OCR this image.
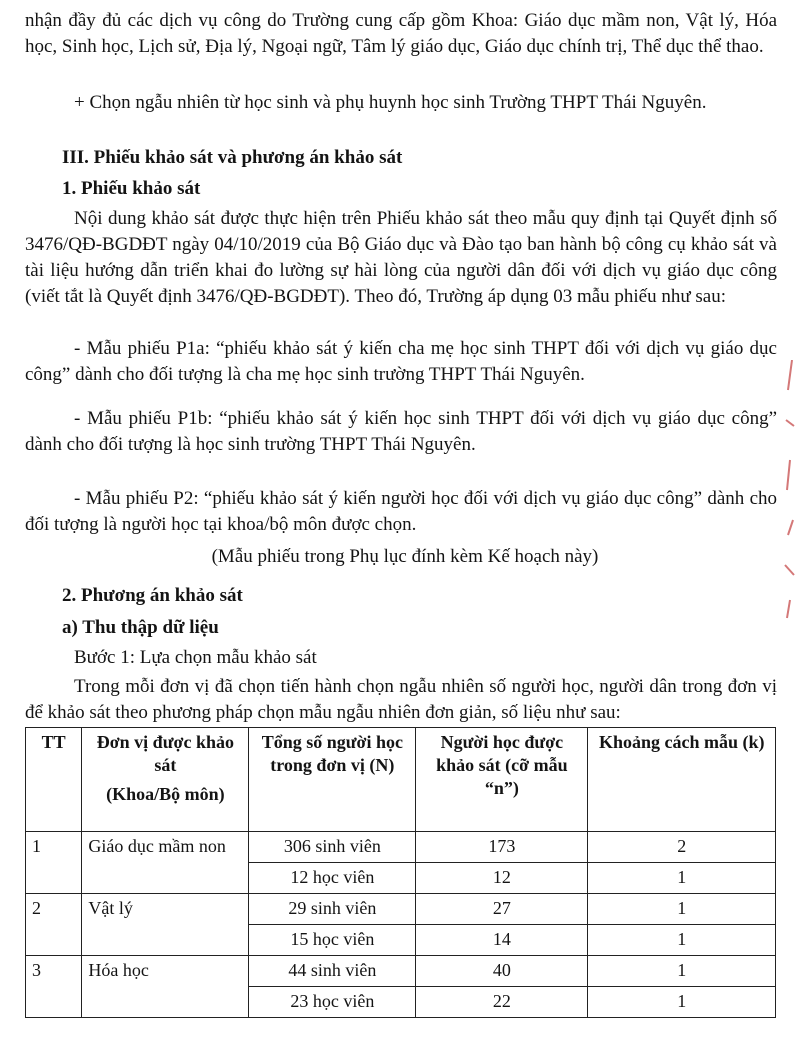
nhận đầy đủ các dịch vụ công do Trường cung cấp gồm Khoa: Giáo dục mầm non, Vật lý, Hóa học, Sinh học, Lịch sử, Địa lý, Ngoại ngữ, Tâm lý giáo dục, Giáo dục chính trị, Thể dục thể thao.

+ Chọn ngẫu nhiên từ học sinh và phụ huynh học sinh Trường THPT Thái Nguyên.

III. Phiếu khảo sát và phương án khảo sát

1. Phiếu khảo sát

Nội dung khảo sát được thực hiện trên Phiếu khảo sát theo mẫu quy định tại Quyết định số 3476/QĐ-BGDĐT ngày 04/10/2019 của Bộ Giáo dục và Đào tạo ban hành bộ công cụ khảo sát và tài liệu hướng dẫn triển khai đo lường sự hài lòng của người dân đối với dịch vụ giáo dục công (viết tắt là Quyết định 3476/QĐ-BGDĐT). Theo đó, Trường áp dụng 03 mẫu phiếu như sau:

- Mẫu phiếu P1a: “phiếu khảo sát ý kiến cha mẹ học sinh THPT đối với dịch vụ giáo dục công” dành cho đối tượng là cha mẹ học sinh trường THPT Thái Nguyên.

- Mẫu phiếu P1b: “phiếu khảo sát ý kiến học sinh THPT đối với dịch vụ giáo dục công” dành cho đối tượng là học sinh trường THPT Thái Nguyên.

- Mẫu phiếu P2: “phiếu khảo sát ý kiến người học đối với dịch vụ giáo dục công” dành cho đối tượng là người học tại khoa/bộ môn được chọn.

(Mẫu phiếu trong Phụ lục đính kèm Kế hoạch này)

2. Phương án khảo sát

a) Thu thập dữ liệu

Bước 1: Lựa chọn mẫu khảo sát

Trong mỗi đơn vị đã chọn tiến hành chọn ngẫu nhiên số người học, người dân trong đơn vị để khảo sát theo phương pháp chọn mẫu ngẫu nhiên đơn giản, số liệu như sau:

TT	Đơn vị được khảo sát
(Khoa/Bộ môn)	Tổng số người học trong đơn vị (N)	Người học được khảo sát (cỡ mẫu “n”)	Khoảng cách mẫu (k)
1	Giáo dục mầm non	306 sinh viên	173	2
		12 học viên	12	1
2	Vật lý	29 sinh viên	27	1
		15 học viên	14	1
3	Hóa học	44 sinh viên	40	1
		23 học viên	22	1
